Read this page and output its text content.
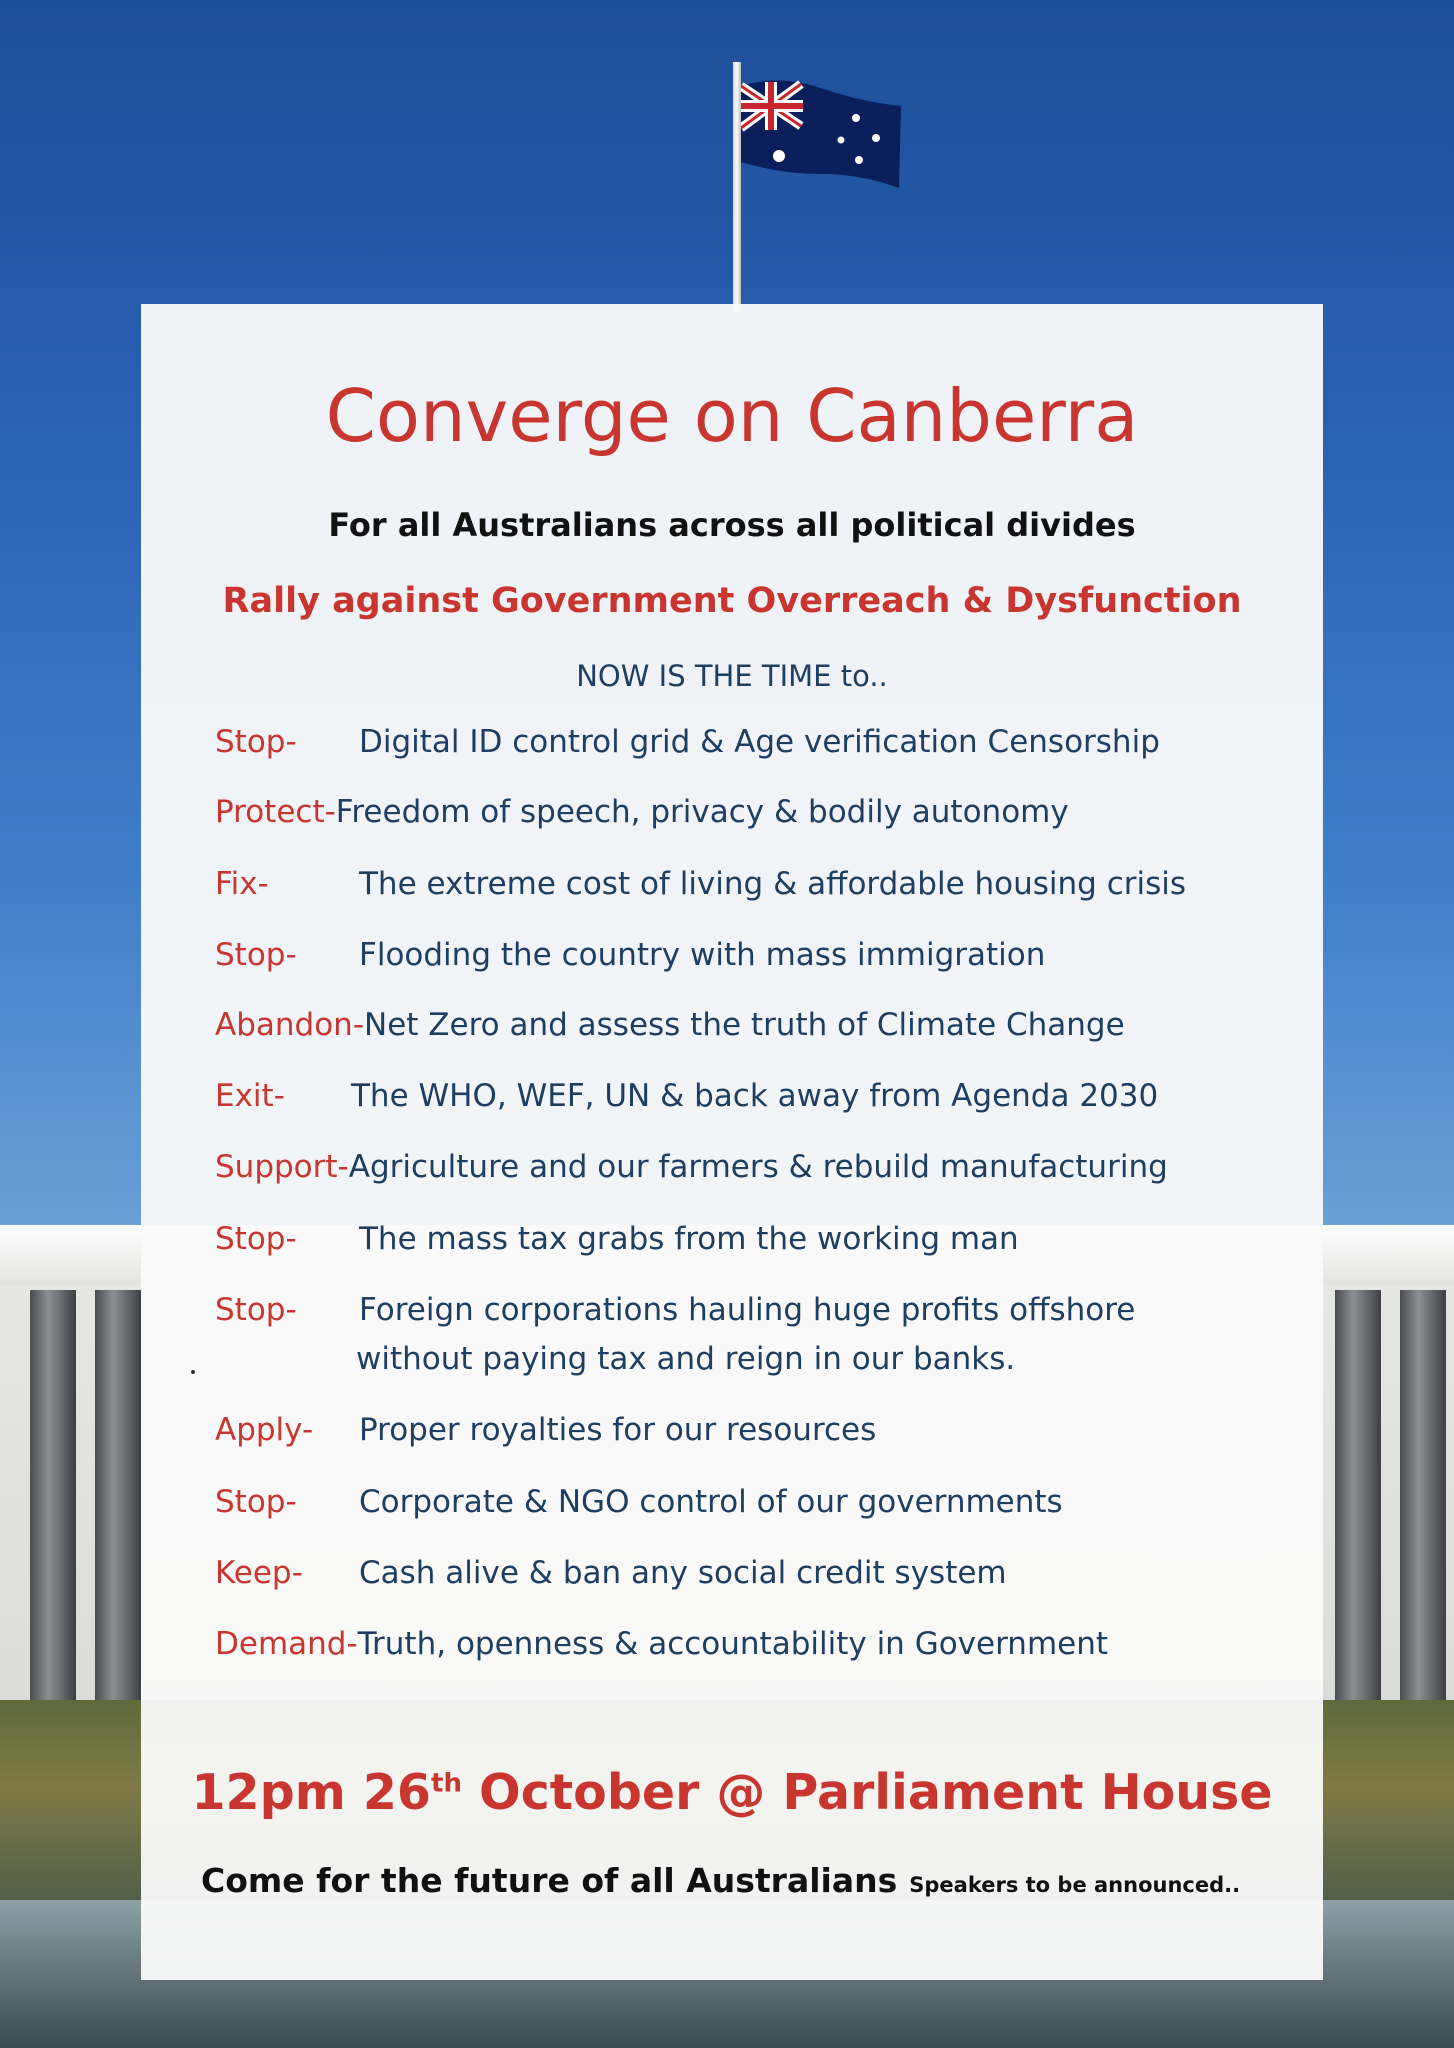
Converge on Canberra
For all Australians across all political divides
Rally against Government Overreach & Dysfunction
NOW IS THE TIME to..
Stop- Digital ID control grid & Age verification Censorship
Protect-Freedom of speech, privacy & bodily autonomy
Fix-	The extreme cost of living & affordable housing crisis
Stop- Flooding the country with mass immigration
Abandon-Net Zero and assess the truth of Climate Change
Exit- The WHO, WEF, UN & back away from Agenda 2030
Support-Agriculture and our farmers & rebuild manufacturing
Stop- The mass tax grabs from the working man
Stop- Foreign corporations hauling huge profits offshore
without paying tax and reign in our banks.
Apply- Proper royalties for our resources
Stop- Corporate & NGO control of our governments
Keep- Cash alive & ban any social credit system
Demand-Truth, openness & accountability in Government
12pm 26th October @ Parliament House
Come for the future of all Australians Speakers to be announced..
